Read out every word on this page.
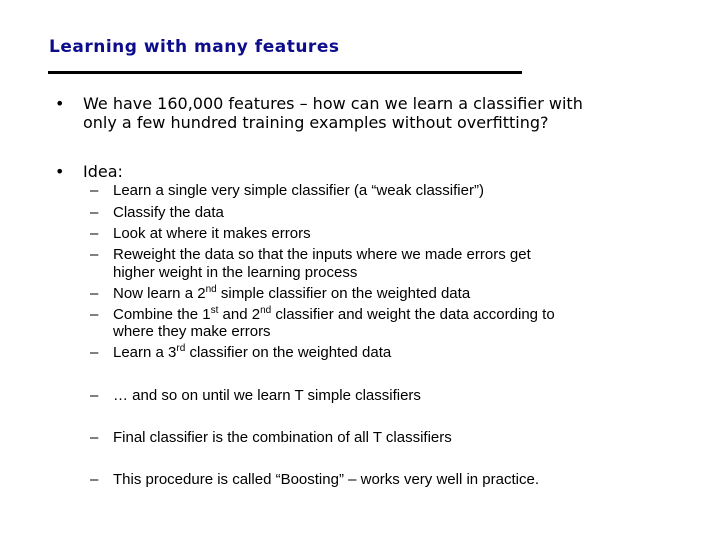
Learning with many features
• We have 160,000 features – how can we learn a classifier with
only a few hundred training examples without overfitting?
• Idea:
– Learn a single very simple classifier (a “weak classifier”)
– Classify the data
– Look at where it makes errors
– Reweight the data so that the inputs where we made errors get
higher weight in the learning process
– Now learn a 2nd simple classifier on the weighted data
– Combine the 1st and 2nd classifier and weight the data according to
where they make errors
– Learn a 3rd classifier on the weighted data
– … and so on until we learn T simple classifiers
– Final classifier is the combination of all T classifiers
– This procedure is called “Boosting” – works very well in practice.
